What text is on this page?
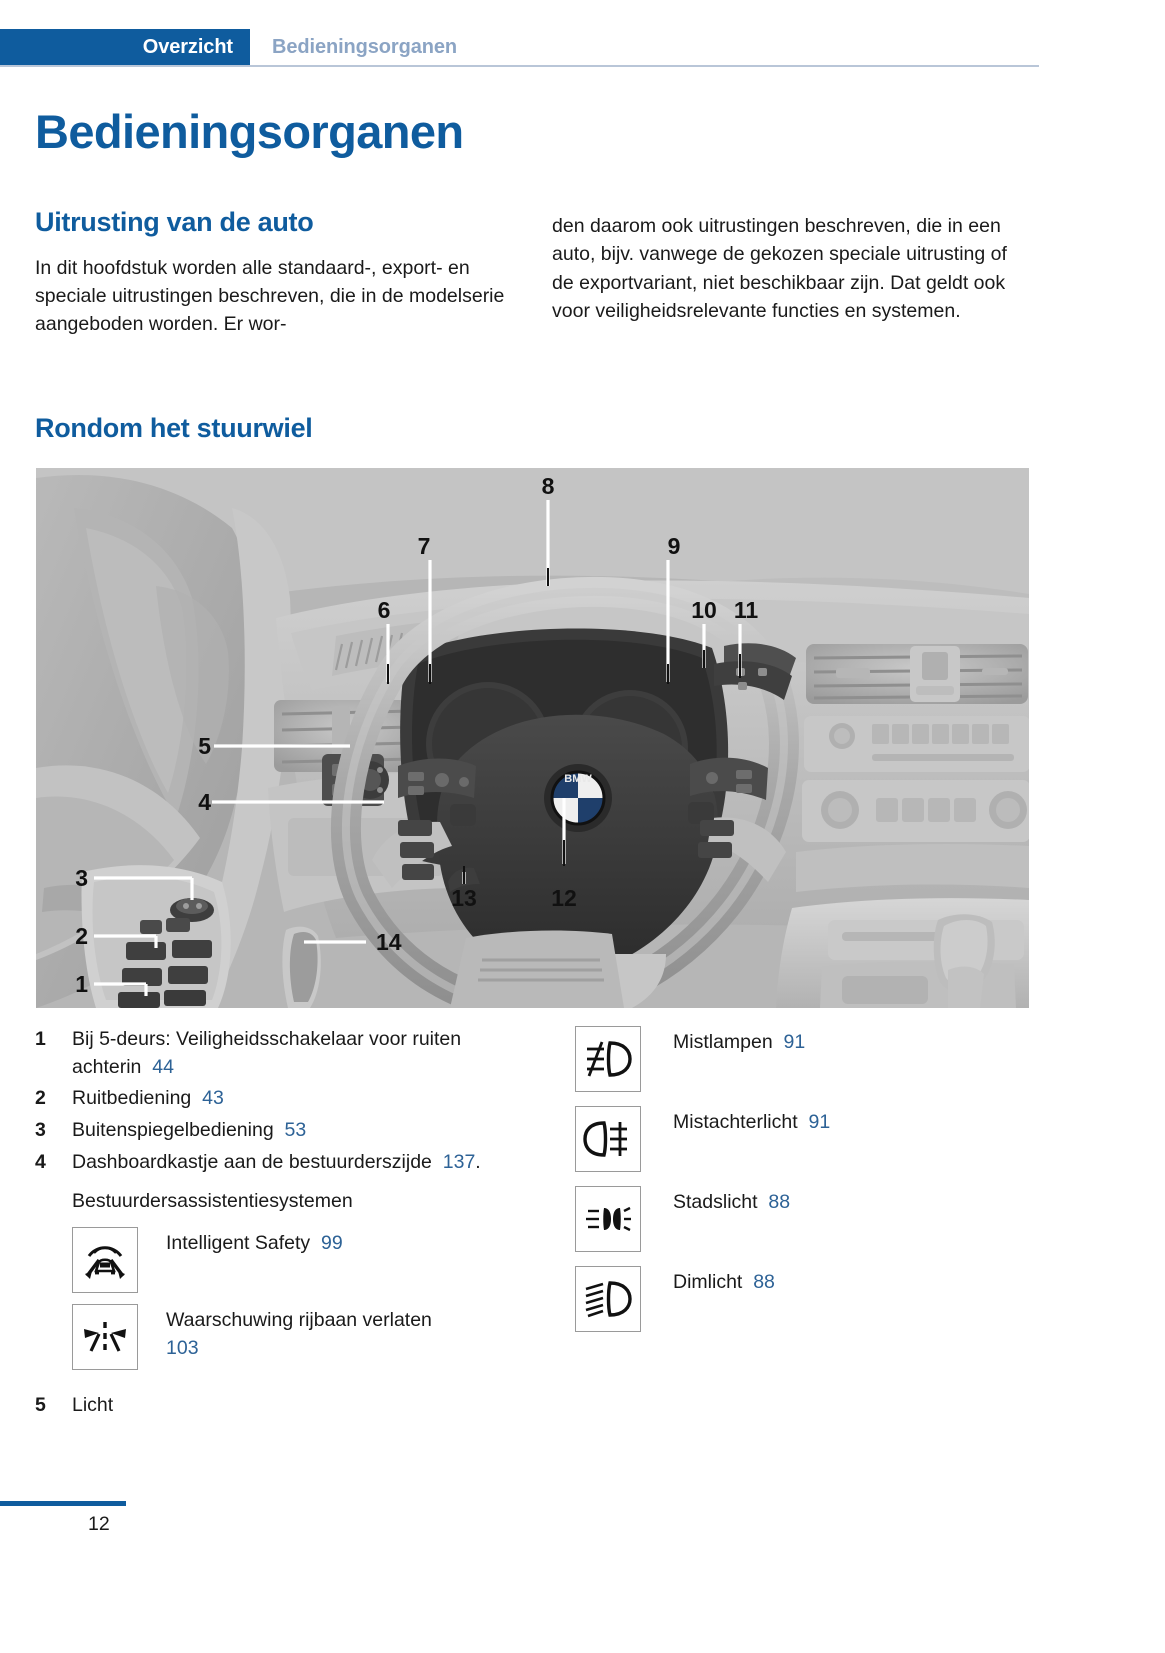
Overzicht	Bedieningsorganen
Bedieningsorganen
Uitrusting van de auto

In dit hoofdstuk worden alle standaard-, export- en speciale uitrustingen beschreven, die in de modelserie aangeboden worden. Er wor-

den daarom ook uitrustingen beschreven, die in een auto, bijv. vanwege de gekozen speciale uitrusting of de exportvariant, niet beschikbaar zijn. Dat geldt ook voor veiligheidsrelevante functies en systemen.

Rondom het stuurwiel
BMW
8
7	9
6	10 11
5
4
3
2
1
14
13	12
1	Bij 5-deurs: Veiligheidsschakelaar voor ruiten achterin 44
2	Ruitbediening 43
3	Buitenspiegelbediening 53
4	Dashboardkastje aan de bestuurderszijde 137.
Bestuurdersassistentiesystemen
Intelligent Safety 99
Waarschuwing rijbaan verlaten  103
5	Licht
Mistlampen 91
Mistachterlicht 91
Stadslicht 88
Dimlicht 88
12
